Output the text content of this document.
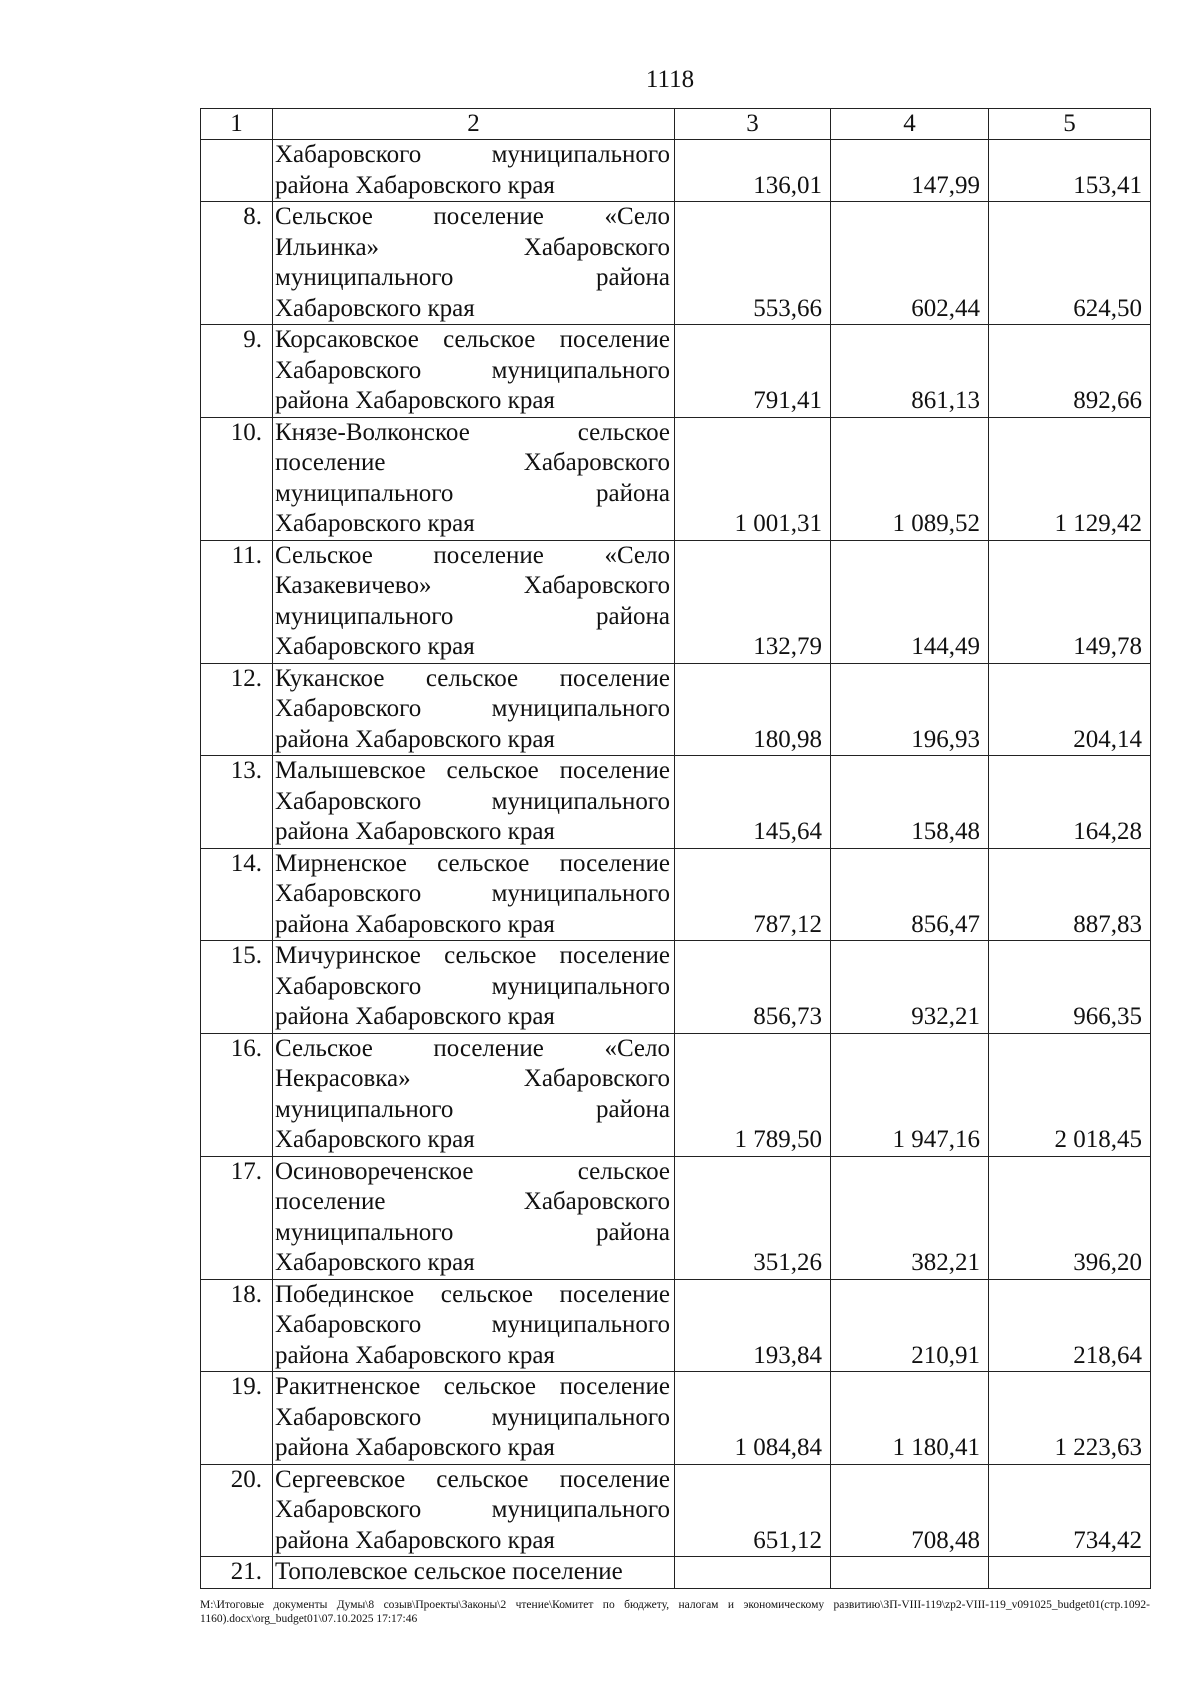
1118
1	2	3	4	5
	Хабаровского муниципального района Хабаровского края	136,01	147,99	153,41
8.	Сельское поселение «Село Ильинка» Хабаровского муниципального района Хабаровского края	553,66	602,44	624,50
9.	Корсаковское сельское поселение Хабаровского муниципального района Хабаровского края	791,41	861,13	892,66
10.	Князе-Волконское сельское поселение Хабаровского муниципального района Хабаровского края	1 001,31	1 089,52	1 129,42
11.	Сельское поселение «Село Казакевичево» Хабаровского муниципального района Хабаровского края	132,79	144,49	149,78
12.	Куканское сельское поселение Хабаровского муниципального района Хабаровского края	180,98	196,93	204,14
13.	Малышевское сельское поселение Хабаровского муниципального района Хабаровского края	145,64	158,48	164,28
14.	Мирненское сельское поселение Хабаровского муниципального района Хабаровского края	787,12	856,47	887,83
15.	Мичуринское сельское поселение Хабаровского муниципального района Хабаровского края	856,73	932,21	966,35
16.	Сельское поселение «Село Некрасовка» Хабаровского муниципального района Хабаровского края	1 789,50	1 947,16	2 018,45
17.	Осиновореченское сельское поселение Хабаровского муниципального района Хабаровского края	351,26	382,21	396,20
18.	Побединское сельское поселение Хабаровского муниципального района Хабаровского края	193,84	210,91	218,64
19.	Ракитненское сельское поселение Хабаровского муниципального района Хабаровского края	1 084,84	1 180,41	1 223,63
20.	Сергеевское сельское поселение Хабаровского муниципального района Хабаровского края	651,12	708,48	734,42
21.	Тополевское сельское поселение			
M:\Итоговые документы Думы\8 созыв\Проекты\Законы\2 чтение\Комитет по бюджету, налогам и экономическому развитию\ЗП-VIII-119\zp2-VIII-119_v091025_budget01(стр.1092-1160).docx\org_budget01\07.10.2025 17:17:46
